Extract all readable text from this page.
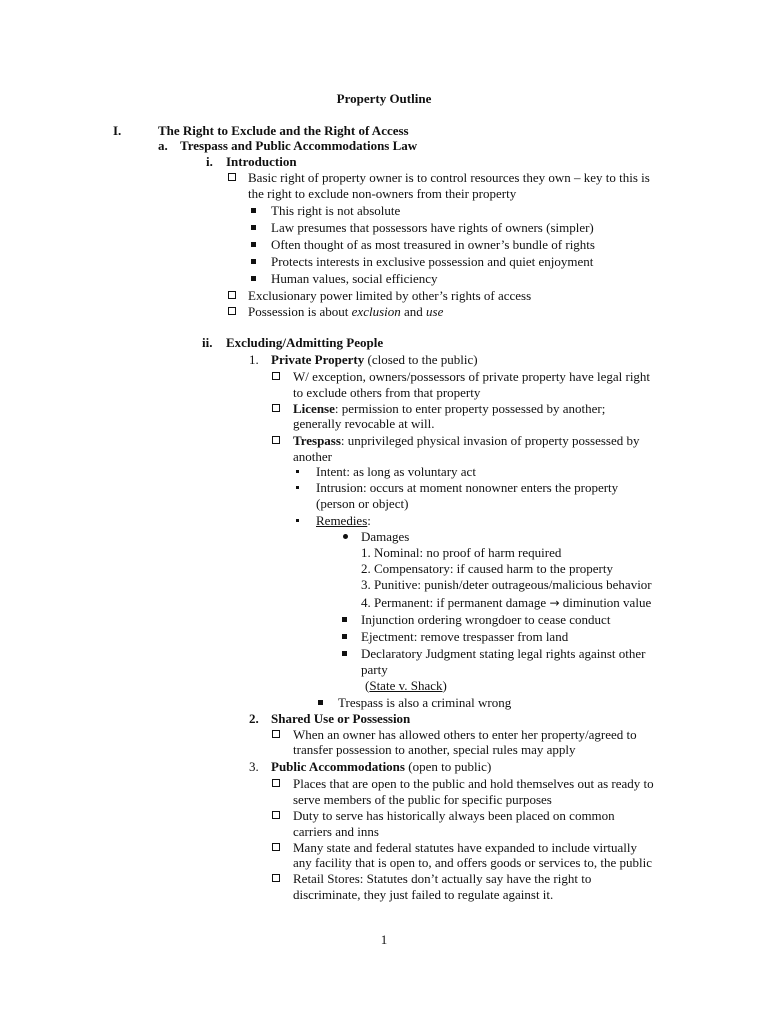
Property Outline
I.	The Right to Exclude and the Right of Access
a. Trespass and Public Accommodations Law
i. Introduction
Basic right of property owner is to control resources they own – key to this is
the right to exclude non-owners from their property
This right is not absolute
Law presumes that possessors have rights of owners (simpler)
Often thought of as most treasured in owner’s bundle of rights
Protects interests in exclusive possession and quiet enjoyment
Human values, social efficiency
Exclusionary power limited by other’s rights of access
Possession is about exclusion and use
ii. Excluding/Admitting People
1. Private Property (closed to the public)
W/ exception, owners/possessors of private property have legal right
to exclude others from that property
License: permission to enter property possessed by another;
generally revocable at will.
Trespass: unprivileged physical invasion of property possessed by
another
Intent: as long as voluntary act
Intrusion: occurs at moment nonowner enters the property
(person or object)
Remedies:
Damages
1. Nominal: no proof of harm required
2. Compensatory: if caused harm to the property
3. Punitive: punish/deter outrageous/malicious behavior
4. Permanent: if permanent damage → diminution value
Injunction ordering wrongdoer to cease conduct
Ejectment: remove trespasser from land
Declaratory Judgment stating legal rights against other
party
(State v. Shack)
Trespass is also a criminal wrong
2. Shared Use or Possession
When an owner has allowed others to enter her property/agreed to
transfer possession to another, special rules may apply
3. Public Accommodations (open to public)
Places that are open to the public and hold themselves out as ready to
serve members of the public for specific purposes
Duty to serve has historically always been placed on common
carriers and inns
Many state and federal statutes have expanded to include virtually
any facility that is open to, and offers goods or services to, the public
Retail Stores: Statutes don’t actually say have the right to
discriminate, they just failed to regulate against it.
1
